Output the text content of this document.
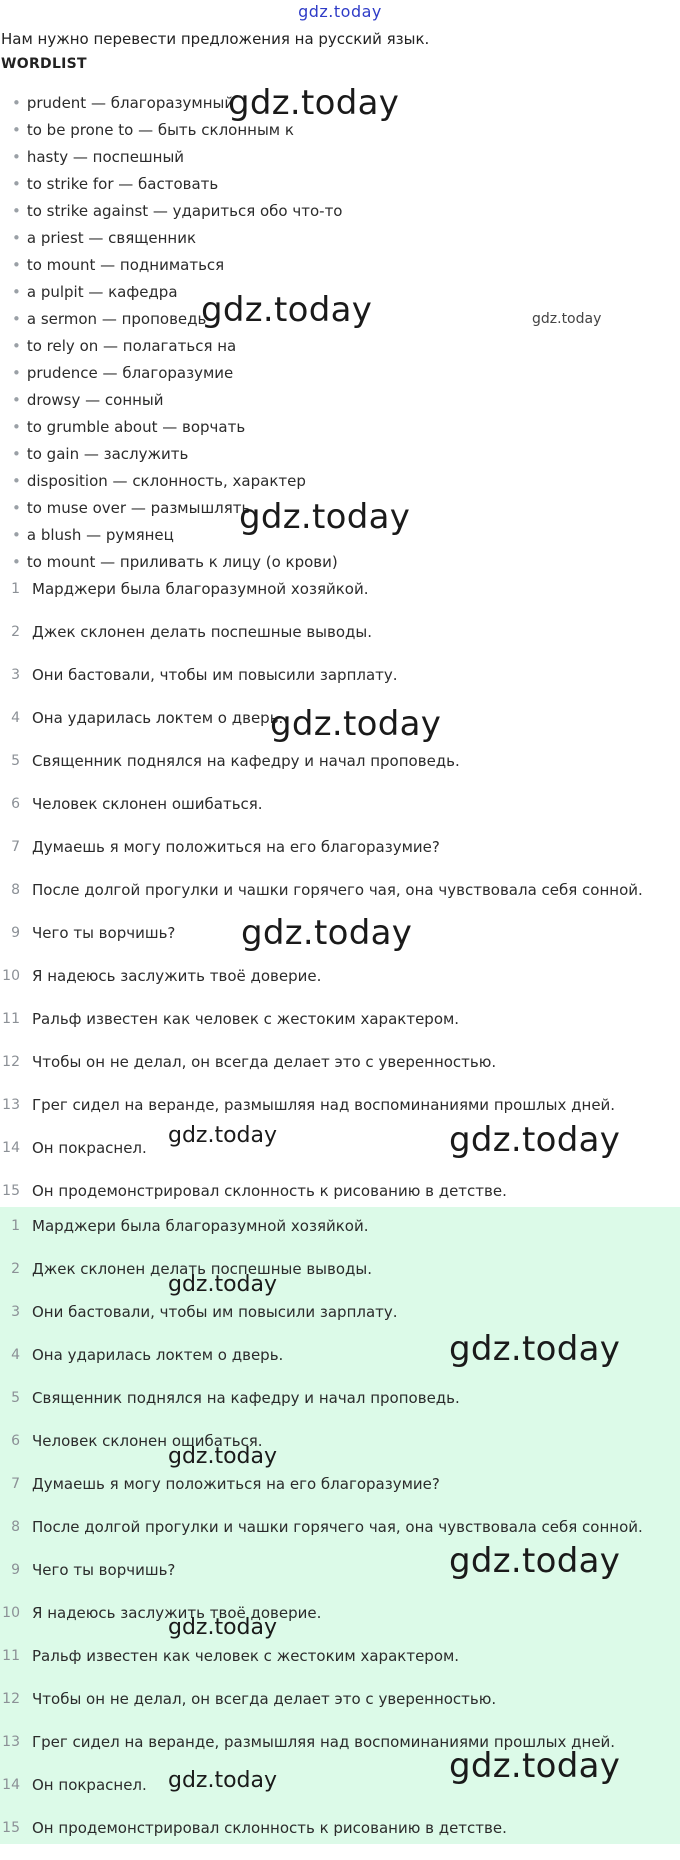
gdz.today
Нам нужно перевести предложения на русский язык.
WORDLIST
• prudent — благоразумный
• to be prone to — быть склонным к
• hasty — поспешный
• to strike for — бастовать
• to strike against — удариться обо что-то
• a priest — священник
• to mount — подниматься
• a pulpit — кафедра
• a sermon — проповедь
• to rely on — полагаться на
• prudence — благоразумие
• drowsy — сонный
• to grumble about — ворчать
• to gain — заслужить
• disposition — склонность, характер
• to muse over — размышлять
• a blush — румянец
• to mount — приливать к лицу (о крови)
1 Марджери была благоразумной хозяйкой.
2 Джек склонен делать поспешные выводы.
3 Они бастовали, чтобы им повысили зарплату.
4 Она ударилась локтем о дверь.
5 Священник поднялся на кафедру и начал проповедь.
6 Человек склонен ошибаться.
7 Думаешь я могу положиться на его благоразумие?
8 После долгой прогулки и чашки горячего чая, она чувствовала себя сонной.
9 Чего ты ворчишь?
10 Я надеюсь заслужить твоё доверие.
11 Ральф известен как человек с жестоким характером.
12 Чтобы он не делал, он всегда делает это с уверенностью.
13 Грег сидел на веранде, размышляя над воспоминаниями прошлых дней.
14 Он покраснел.
15 Он продемонстрировал склонность к рисованию в детстве.
1 Марджери была благоразумной хозяйкой.
2 Джек склонен делать поспешные выводы.
3 Они бастовали, чтобы им повысили зарплату.
4 Она ударилась локтем о дверь.
5 Священник поднялся на кафедру и начал проповедь.
6 Человек склонен ошибаться.
7 Думаешь я могу положиться на его благоразумие?
8 После долгой прогулки и чашки горячего чая, она чувствовала себя сонной.
9 Чего ты ворчишь?
10 Я надеюсь заслужить твоё доверие.
11 Ральф известен как человек с жестоким характером.
12 Чтобы он не делал, он всегда делает это с уверенностью.
13 Грег сидел на веранде, размышляя над воспоминаниями прошлых дней.
14 Он покраснел.
15 Он продемонстрировал склонность к рисованию в детстве.
gdz.today
gdz.today	gdz.today
gdz.today
gdz.today
gdz.today
gdz.today	gdz.today
gdz.today
gdz.today
gdz.today
gdz.today
gdz.today
gdz.today
gdz.today
